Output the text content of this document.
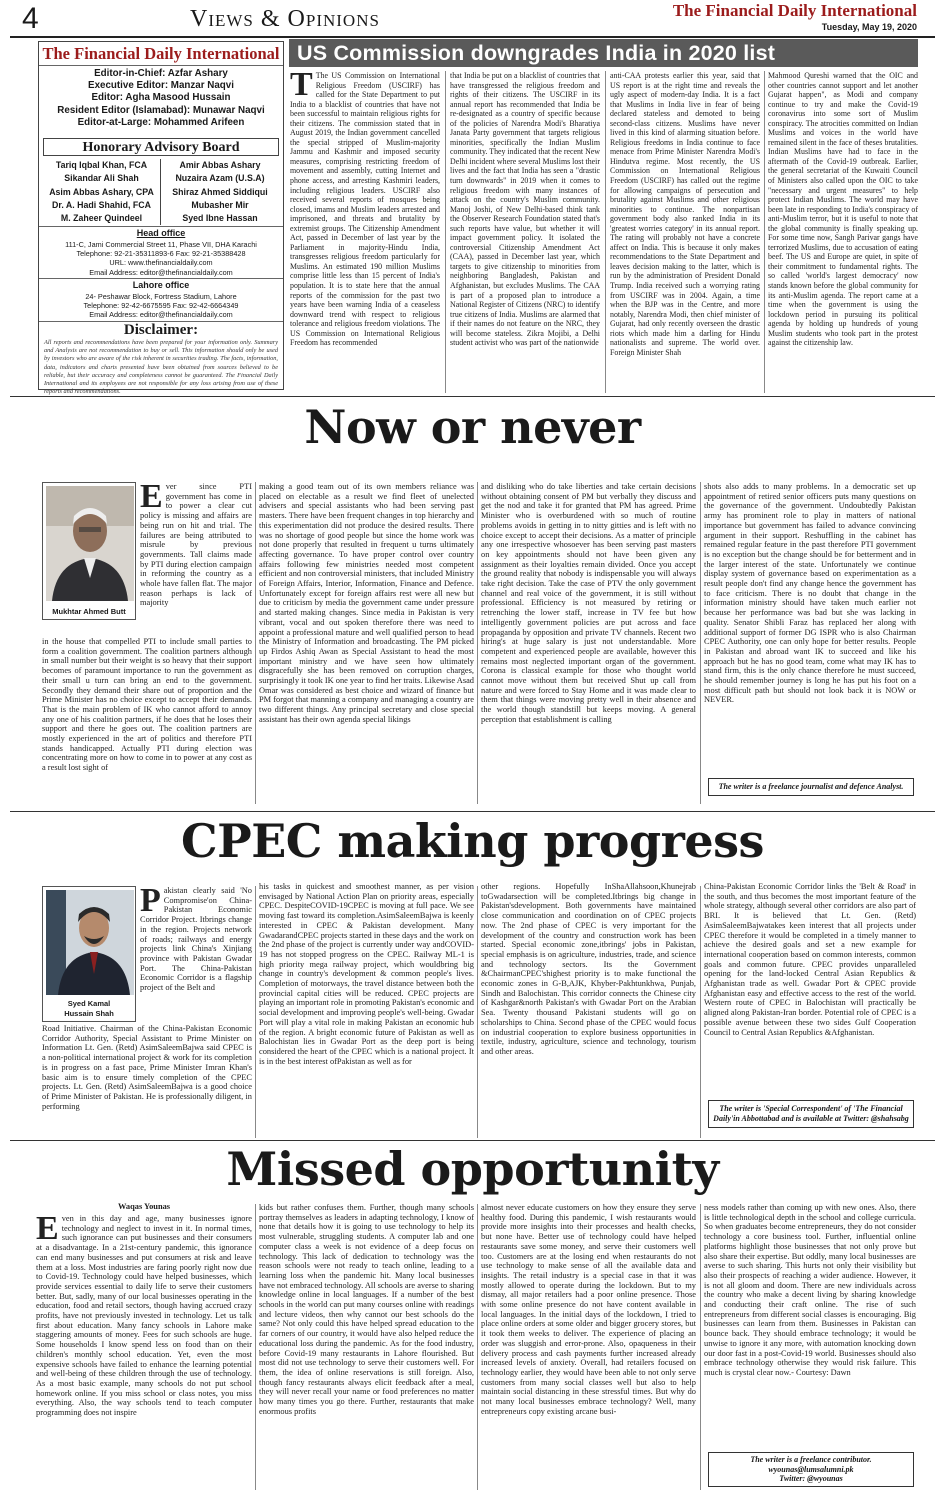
4	Views & Opinions	The Financial Daily International
Tuesday, May 19, 2020
The Financial Daily International
Editor-in-Chief: Azfar Ashary
Executive Editor: Manzar Naqvi
Editor: Agha Masood Hussain
Resident Editor (Islamabad): Munawar Naqvi
Editor-at-Large: Mohammed Arifeen
Honorary Advisory Board
Tariq Iqbal Khan, FCA
Sikandar Ali Shah
Asim Abbas Ashary, CPA
Dr. A. Hadi Shahid, FCA
M. Zaheer Quindeel
Amir Abbas Ashary
Nuzaira Azam (U.S.A)
Shiraz Ahmed Siddiqui
Mubasher Mir
Syed Ibne Hassan
Head office
111-C, Jami Commercial Street 11, Phase VII, DHA Karachi
Telephone: 92-21-35311893-6 Fax: 92-21-35388428
URL: www.thefinancialdaily.com
Email Address: editor@thefinancialdaily.com
Lahore office
24- Peshawar Block, Fortress Stadium, Lahore
Telephone: 92-42-6675595 Fax: 92-42-6664349
Email Address: editor@thefinancialdaily.com
Disclaimer:
All reports and recommendations have been prepared for your information only. Summary and Analysis are not recommendation to buy or sell. This information should only be used by investors who are aware of the risk inherent in securities trading. The facts, information, data, indicators and charts presented have been obtained from sources believed to be reliable, but their accuracy and completeness cannot be guaranteed. The Financial Daily International and its employees are not responsible for any loss arising from use of these reports and recommendations.
US Commission downgrades India in 2020 list
T The US Commission on International Religious Freedom (USCIRF) has called for the State Department to put India to a blacklist of countries that have not been successful to maintain religious rights for their citizens. The commission stated that in August 2019, the Indian government cancelled the special stripped of Muslim-majority Jammu and Kashmir and imposed security measures, comprising restricting freedom of movement and assembly, cutting Internet and phone access, and arresting Kashmiri leaders, including religious leaders. USCIRF also received several reports of mosques being closed, imams and Muslim leaders arrested and imprisoned, and threats and brutality by extremist groups. The Citizenship Amendment Act, passed in December of last year by the Parliament in majority-Hindu India, transgresses religious freedom particularly for Muslims. An estimated 190 million Muslims comprise little less than 15 percent of India's population. It is to state here that the annual reports of the commission for the past two years have been warning India of a ceaseless downward trend with respect to religious tolerance and religious freedom violations. The US Commission on International Religious Freedom has recommended
that India be put on a blacklist of countries that have transgressed the religious freedom and rights of their citizens. The USCIRF in its annual report has recommended that India be re-designated as a country of specific because of the policies of Narendra Modi's Bharatiya Janata Party government that targets religious minorities, specifically the Indian Muslim community. They indicated that the recent New Delhi incident where several Muslims lost their lives and the fact that India has seen a "drastic turn downwards" in 2019 when it comes to religious freedom with many instances of attack on the country's Muslim community. Manoj Joshi, of New Delhi-based think tank the Observer Research Foundation stated that's such reports have value, but whether it will impact government policy. It isolated the controversial Citizenship Amendment Act (CAA), passed in December last year, which targets to give citizenship to minorities from neighboring Bangladesh, Pakistan and Afghanistan, but excludes Muslims. The CAA is part of a proposed plan to introduce a National Register of Citizens (NRC) to identify true citizens of India. Muslims are alarmed that if their names do not feature on the NRC, they will become stateless. Zikra Mojibi, a Delhi student activist who was part of the nationwide
anti-CAA protests earlier this year, said that US report is at the right time and reveals the ugly aspect of modern-day India. It is a fact that Muslims in India live in fear of being declared stateless and demoted to being second-class citizens. Muslims have never lived in this kind of alarming situation before. Religious freedoms in India continue to face menace from Prime Minister Narendra Modi's Hindutva regime. Most recently, the US Commission on International Religious Freedom (USCIRF) has called out the regime for allowing campaigns of persecution and brutality against Muslims and other religious minorities to continue. The nonpartisan government body also ranked India in its 'greatest worries category' in its annual report. The rating will probably not have a concrete affect on India. This is because it only makes recommendations to the State Department and leaves decision making to the latter, which is run by the administration of President Donald Trump. India received such a worrying rating from USCIRF was in 2004. Again, a time when the BJP was in the Centre, and more notably, Narendra Modi, then chief minister of Gujarat, had only recently overseen the drastic riots which made him a darling for Hindu nationalists and supreme. The world over. Foreign Minister Shah
Mahmood Qureshi warned that the OIC and other countries cannot support and let another Gujarat happen", as Modi and company continue to try and make the Covid-19 coronavirus into some sort of Muslim conspiracy. The atrocities committed on Indian Muslims and voices in the world have remained silent in the face of theses brutalities. Indian Muslims have had to face in the aftermath of the Covid-19 outbreak. Earlier, the general secretariat of the Kuwaiti Council of Ministers also called upon the OIC to take "necessary and urgent measures" to help protect Indian Muslims. The world may have been late in responding to India's conspiracy of anti-Muslim terror, but it is useful to note that the global community is finally speaking up. For some time now, Sangh Parivar gangs have terrorized Muslims, due to accusation of eating beef. The US and Europe are quiet, in spite of their commitment to fundamental rights. The so called 'world's largest democracy' now stands known before the global community for its anti-Muslim agenda. The report came at a time when the government is using the lockdown period in pursuing its political agenda by holding up hundreds of young Muslim students who took part in the protest against the citizenship law.
Now or never
Mukhtar Ahmed Butt
Ever since PTI government has come in to power a clear cut policy is missing and affairs are being run on hit and trial. The failures are being attributed to misrule by previous governments. Tall claims made by PTI during election campaign in reforming the country as a whole have fallen flat. The major reason perhaps is lack of majority
in the house that compelled PTI to include small parties to form a coalition government. The coalition partners although in small number but their weight is so heavy that their support becomes of paramount importance to run the government as their small u turn can bring an end to the government. Secondly they demand their share out of proportion and the Prime Minister has no choice except to accept their demands. That is the main problem of IK who cannot afford to annoy any one of his coalition partners, if he does that he loses their support and there he goes out. The coalition partners are mostly experienced in the art of politics and therefore PTI stands handicapped. Actually PTI during election was concentrating more on how to come in to power at any cost as a result lost sight of
making a good team out of its own members reliance was placed on electable as a result we find fleet of unelected advisers and special assistants who had been serving past masters. There have been frequent changes in top hierarchy and this experimentation did not produce the desired results. There was no shortage of good people but since the home work was not done properly that resulted in frequent u turns ultimately affecting governance. To have proper control over country affairs following few ministries needed most competent efficient and non controversial ministers, that included Ministry of Foreign Affairs, Interior, Information, Finance and Defence. Unfortunately except for foreign affairs rest were all new but due to criticism by media the government came under pressure and started making changes. Since media in Pakistan is very vibrant, vocal and out spoken therefore there was need to appoint a professional mature and well qualified person to head the Ministry of Information and broadcasting. The PM picked up Firdos Ashiq Awan as Special Assistant to head the most important ministry and we have seen how ultimately disgracefully she has been removed on corruption charges, surprisingly it took IK one year to find her traits. Likewise Asad Omar was considered as best choice and wizard of finance but PM forgot that manning a company and managing a country are two different things. Any principal secretary and close special assistant has their own agenda special likings
and disliking who do take liberties and take certain decisions without obtaining consent of PM but verbally they discuss and get the nod and take it for granted that PM has agreed. Prime Minister who is overburdened with so much of routine problems avoids in getting in to nitty gitties and is left with no choice except to accept their decisions. As a matter of principle any one irrespective whosoever has been serving past masters on key appointments should not have been given any assignment as their loyalties remain divided. Once you accept the ground reality that nobody is indispensable you will always take right decision. Take the case of PTV the only government channel and real voice of the government, it is still without professional. Efficiency is not measured by retiring or retrenching the lower staff, increase in TV fee but how intelligently government policies are put across and face propaganda by opposition and private TV channels. Recent two hiring's at huge salary is just not understandable. More competent and experienced people are available, however this remains most neglected important organ of the government. Corona is classical example for those who thought world cannot move without them but received Shut up call from nature and were forced to Stay Home and it was made clear to them that things were moving pretty well in their absence and the world though standstill but keeps moving. A general perception that establishment is calling
shots also adds to many problems. In a democratic set up appointment of retired senior officers puts many questions on the governance of the government. Undoubtedly Pakistan army has prominent role to play in matters of national importance but government has failed to advance convincing argument in their support. Reshuffling in the cabinet has remained regular feature in the past therefore PTI government is no exception but the change should be for betterment and in the larger interest of the state. Unfortunately we continue display system of governance based on experimentation as a result people don't find any change hence the government has to face criticism. There is no doubt that change in the information ministry should have taken much earlier not because her performance was bad but she was lacking in quality. Senator Shibli Faraz has replaced her along with additional support of former DG ISPR who is also Chairman CPEC Authority, one can only hope for better results. People in Pakistan and abroad want IK to succeed and like his approach but he has no good team, come what may IK has to stand firm, this is the only chance therefore he must succeed, he should remember journey is long he has put his foot on a most difficult path but should not look back it is NOW or NEVER.
The writer is a freelance journalist and defence Analyst.
CPEC making progress
Syed Kamal
Hussain Shah
Pakistan clearly said 'No Compromise'on China-Pakistan Economic Corridor Project. Itbrings change in the region. Projects network of roads; railways and energy projects link China's Xinjiang province with Pakistan Gwadar Port. The China-Pakistan Economic Corridor is a flagship project of the Belt and
Road Initiative. Chairman of the China-Pakistan Economic Corridor Authority, Special Assistant to Prime Minister on Information Lt. Gen. (Retd) AsimSaleemBajwa said CPEC is a non-political international project & work for its completion is in progress on a fast pace, Prime Minister Imran Khan's basic aim is to ensure timely completion of the CPEC projects. Lt. Gen. (Retd) AsimSaleemBajwa is a good choice of Prime Minister of Pakistan. He is professionally diligent, in performing
his tasks in quickest and smoothest manner, as per vision envisaged by National Action Plan on priority areas, especially CPEC. DespiteCOVID-19CPEC is moving at full pace. We see moving fast toward its completion.AsimSaleemBajwa is keenly interested in CPEC & Pakistan development. Many GwadarandCPEC projects started in these days and the work on the 2nd phase of the project is currently under way andCOVID-19 has not stopped progress on the CPEC. Railway ML-1 is high priority mega railway project, which wouldbring big change in country's development & common people's lives. Completion of motorways, the travel distance between both the provincial capital cities will be reduced. CPEC projects are playing an important role in promoting Pakistan's economic and social development and improving people's well-being. Gwadar Port will play a vital role in making Pakistan an economic hub of the region. A bright economic future of Pakistan as well as Balochistan lies in Gwadar Port as the deep port is being considered the heart of the CPEC which is a national project. It is in the best interest ofPakistan as well as for
other regions. Hopefully InShaAllahsoon,Khunejrab toGwadarsection will be completed.Itbrings big change in Pakistan'sdevelopment. Both governments have maintained close communication and coordination on of CPEC projects now. The 2nd phase of CPEC is very important for the development of the country and construction work has been started. Special economic zone,itbrings' jobs in Pakistan, special emphasis is on agriculture, industries, trade, and science and technology sectors. Its the Government &ChairmanCPEC'shighest priority is to make functional the economic zones in G-B,AJK, Khyber-Pakhtunkhwa, Punjab, Sindh and Balochistan. This corridor connects the Chinese city of Kashgar&north Pakistan's with Gwadar Port on the Arabian Sea. Twenty thousand Pakistani students will go on scholarships to China. Second phase of the CPEC would focus on industrial cooperation to explore business opportunities in textile, industry, agriculture, science and technology, tourism and other areas.
China-Pakistan Economic Corridor links the 'Belt & Road' in the south, and thus becomes the most important feature of the whole strategy, although several other corridors are also part of BRI. It is believed that Lt. Gen. (Retd) AsimSaleemBajwatakes keen interest that all projects under CPEC therefore it would be completed in a timely manner to achieve the desired goals and set a new example for international cooperation based on common interests, common goals and common future. CPEC provides unparalleled opening for the land-locked Central Asian Republics & Afghanistan trade as well. Gwadar Port & CPEC provide Afghanistan easy and effective access to the rest of the world. Western route of CPEC in Balochistan will practically be aligned along Pakistan-Iran border. Potential role of CPEC is a possible avenue between these two sides Gulf Cooperation Council to Central Asian Republics &Afghanistan.
The writer is 'Special Correspondent' of 'The Financial Daily'in Abbottabad and is available at Twitter: @shahsabg
Missed opportunity
Waqas Younas
Even in this day and age, many businesses ignore technology and neglect to invest in it. In normal times, such ignorance can put businesses and their consumers at a disadvantage. In a 21st-century pandemic, this ignorance can end many businesses and put consumers at risk and leave them at a loss. Most industries are faring poorly right now due to Covid-19. Technology could have helped businesses, which provide services essential to daily life to serve their customers better. But, sadly, many of our local businesses operating in the education, food and retail sectors, though having accrued crazy profits, have not previously invested in technology. Let us talk first about education. Many fancy schools in Lahore make staggering amounts of money. Fees for such schools are huge. Some households I know spend less on food than on their children's monthly school education. Yet, even the most expensive schools have failed to enhance the learning potential and well-being of these children through the use of technology. As a most basic example, many schools do not put school homework online. If you miss school or class notes, you miss everything. Also, the way schools tend to teach computer programming does not inspire
kids but rather confuses them. Further, though many schools portray themselves as leaders in adapting technology, I know of none that details how it is going to use technology to help its most vulnerable, struggling students. A computer lab and one computer class a week is not evidence of a deep focus on technology. This lack of dedication to technology was the reason schools were not ready to teach online, leading to a learning loss when the pandemic hit. Many local businesses have not embraced technology. All schools are averse to sharing knowledge online in local languages. If a number of the best schools in the world can put many courses online with readings and lecture videos, then why cannot our best schools do the same? Not only could this have helped spread education to the far corners of our country, it would have also helped reduce the educational loss during the pandemic. As for the food industry, before Covid-19 many restaurants in Lahore flourished. But most did not use technology to serve their customers well. For them, the idea of online reservations is still foreign. Also, though fancy restaurants always elicit feedback after a meal, they will never recall your name or food preferences no matter how many times you go there. Further, restaurants that make enormous profits
almost never educate customers on how they ensure they serve healthy food. During this pandemic, I wish restaurants would provide more insights into their processes and health checks, but none have. Better use of technology could have helped restaurants save some money, and serve their customers well too. Customers are at the losing end when restaurants do not use technology to make sense of all the available data and insights. The retail industry is a special case in that it was mostly allowed to operate during the lockdown. But to my dismay, all major retailers had a poor online presence. Those with some online presence do not have content available in local languages. In the initial days of the lockdown, I tried to place online orders at some older and bigger grocery stores, but it took them weeks to deliver. The experience of placing an order was sluggish and error-prone. Also, opaqueness in their delivery process and cash payments further increased already increased levels of anxiety. Overall, had retailers focused on technology earlier, they would have been able to not only serve customers from many social classes well but also to help maintain social distancing in these stressful times. But why do not many local businesses embrace technology? Well, many entrepreneurs copy existing arcane busi-
ness models rather than coming up with new ones. Also, there is little technological depth in the school and college curricula. So when graduates become entrepreneurs, they do not consider technology a core business tool. Further, influential online platforms highlight those businesses that not only prove but also share their expertise. But oddly, many local businesses are averse to such sharing. This hurts not only their visibility but also their prospects of reaching a wider audience. However, it is not all gloom and doom. There are new individuals across the country who make a decent living by sharing knowledge and conducting their craft online. The rise of such entrepreneurs from different social classes is encouraging. Big businesses can learn from them. Businesses in Pakistan can bounce back. They should embrace technology; it would be unwise to ignore it any more, with automation knocking down our door fast in a post-Covid-19 world. Businesses should also embrace technology otherwise they would risk failure. This much is crystal clear now.- Courtesy: Dawn
The writer is a freelance contributor.
wyounas@lumsalumni.pk
Twitter: @wyounas
